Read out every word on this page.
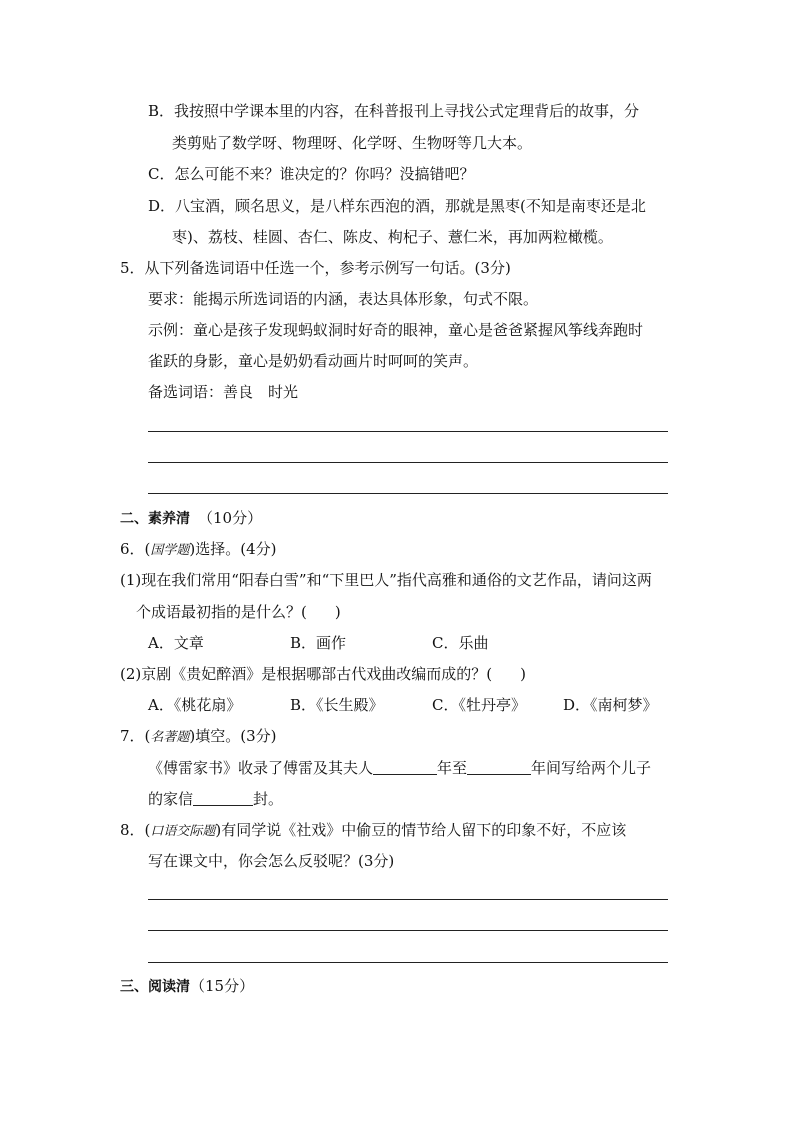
B．我按照中学课本里的内容，在科普报刊上寻找公式定理背后的故事，分
类剪贴了数学呀、物理呀、化学呀、生物呀等几大本。
C．怎么可能不来？谁决定的？你吗？没搞错吧？
D．八宝酒，顾名思义，是八样东西泡的酒，那就是黑枣(不知是南枣还是北
枣)、荔枝、桂圆、杏仁、陈皮、枸杞子、薏仁米，再加两粒橄榄。
5．从下列备选词语中任选一个，参考示例写一句话。(3分)
要求：能揭示所选词语的内涵，表达具体形象，句式不限。
示例：童心是孩子发现蚂蚁洞时好奇的眼神，童心是爸爸紧握风筝线奔跑时
雀跃的身影，童心是奶奶看动画片时呵呵的笑声。
备选词语：善良　时光
二、素养清 （10分）
6．(国学题)选择。(4分)
(1)现在我们常用“阳春白雪”和“下里巴人”指代高雅和通俗的文艺作品，请问这两
个成语最初指的是什么？( )
A．文章	B．画作	C．乐曲
(2)京剧《贵妃醉酒》是根据哪部古代戏曲改编而成的？( )
A．《桃花扇》	B．《长生殿》	C．《牡丹亭》 D．《南柯梦》
7．(名著题)填空。(3分)
《傅雷家书》收录了傅雷及其夫人	年至	年间写给两个儿子
的家信	封。
8．(口语交际题)有同学说《社戏》中偷豆的情节给人留下的印象不好，不应该
写在课文中，你会怎么反驳呢？(3分)
三、阅读清（15分）
